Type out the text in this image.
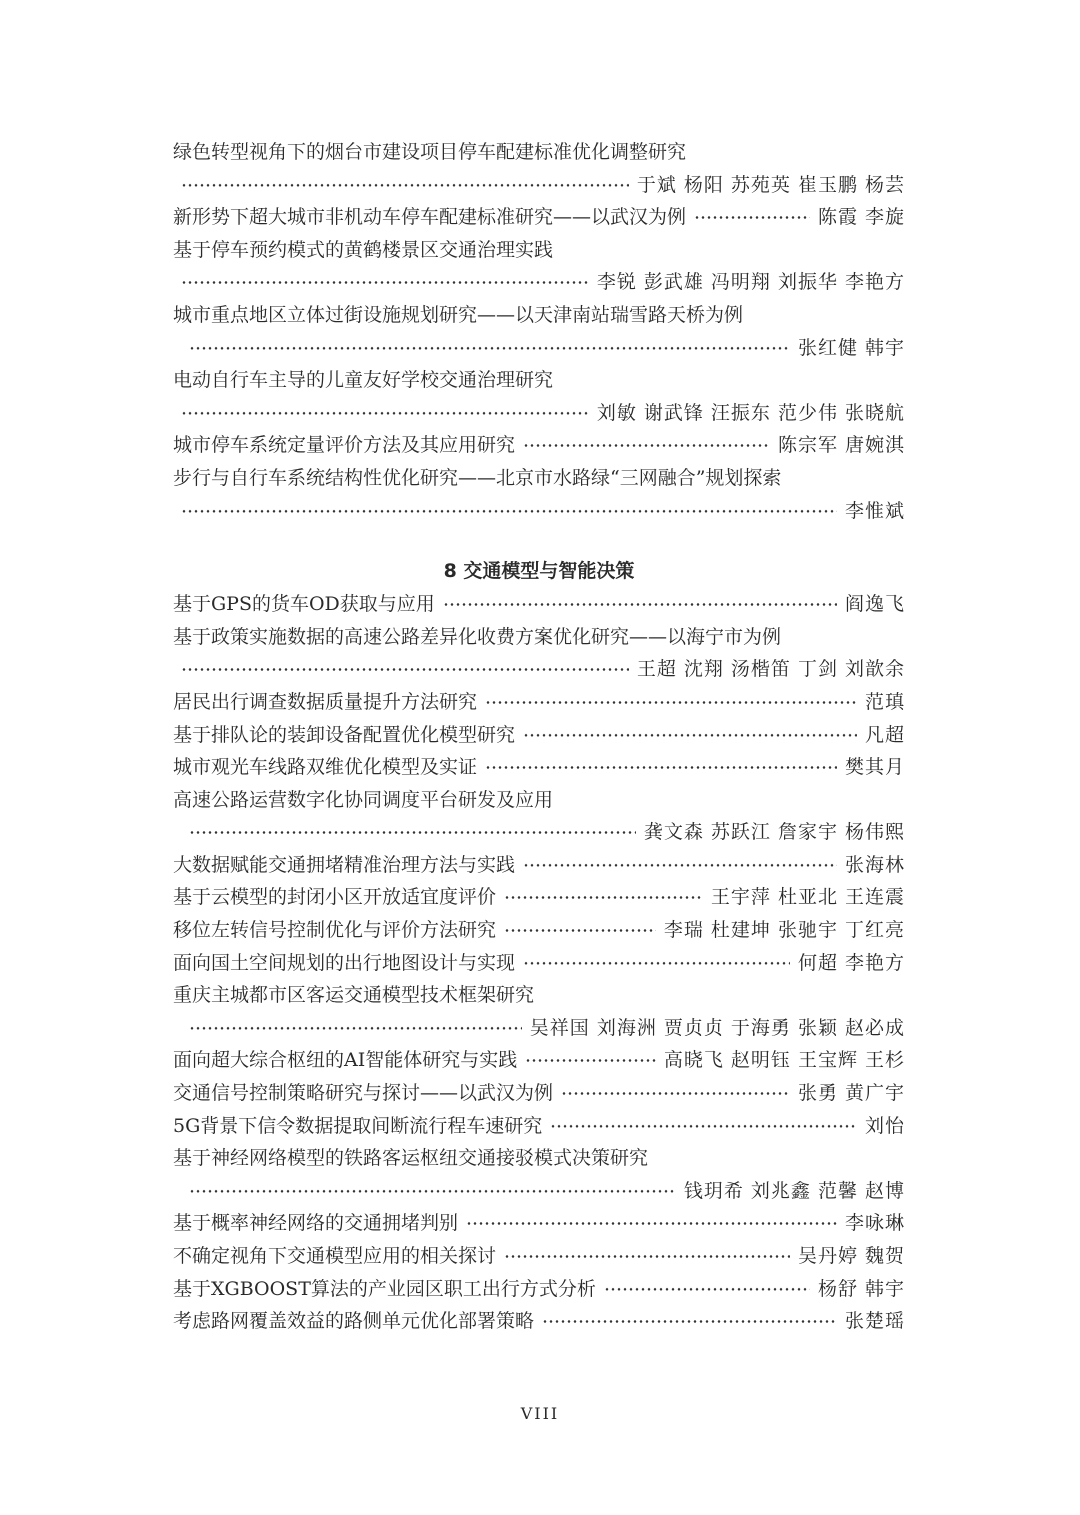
绿色转型视角下的烟台市建设项目停车配建标准优化调整研究
于斌 杨阳 苏苑英 崔玉鹏 杨芸
新形势下超大城市非机动车停车配建标准研究——以武汉为例	陈霞 李旋
基于停车预约模式的黄鹤楼景区交通治理实践
李锐 彭武雄 冯明翔 刘振华 李艳方
城市重点地区立体过街设施规划研究——以天津南站瑞雪路天桥为例
张红健 韩宇
电动自行车主导的儿童友好学校交通治理研究
刘敏 谢武锋 汪振东 范少伟 张晓航
城市停车系统定量评价方法及其应用研究	陈宗军 唐婉淇
步行与自行车系统结构性优化研究——北京市水路绿“三网融合”规划探索
李惟斌
8 交通模型与智能决策
基于GPS的货车OD获取与应用	阎逸飞
基于政策实施数据的高速公路差异化收费方案优化研究——以海宁市为例
王超 沈翔 汤楷笛 丁剑 刘歆余
居民出行调查数据质量提升方法研究	范瑱
基于排队论的装卸设备配置优化模型研究	凡超
城市观光车线路双维优化模型及实证	樊其月
高速公路运营数字化协同调度平台研发及应用
龚文森 苏跃江 詹家宇 杨伟熙
大数据赋能交通拥堵精准治理方法与实践	张海林
基于云模型的封闭小区开放适宜度评价	王宇萍 杜亚北 王连震
移位左转信号控制优化与评价方法研究	李瑞 杜建坤 张驰宇 丁红亮
面向国土空间规划的出行地图设计与实现	何超 李艳方
重庆主城都市区客运交通模型技术框架研究
吴祥国 刘海洲 贾贞贞 于海勇 张颖 赵必成
面向超大综合枢纽的AI智能体研究与实践	高晓飞 赵明钰 王宝辉 王杉
交通信号控制策略研究与探讨——以武汉为例	张勇 黄广宇
5G背景下信令数据提取间断流行程车速研究	刘怡
基于神经网络模型的铁路客运枢纽交通接驳模式决策研究
钱玥希 刘兆鑫 范馨 赵博
基于概率神经网络的交通拥堵判别	李咏琳
不确定视角下交通模型应用的相关探讨	吴丹婷 魏贺
基于XGBOOST算法的产业园区职工出行方式分析	杨舒 韩宇
考虑路网覆盖效益的路侧单元优化部署策略	张楚瑶
VIII
